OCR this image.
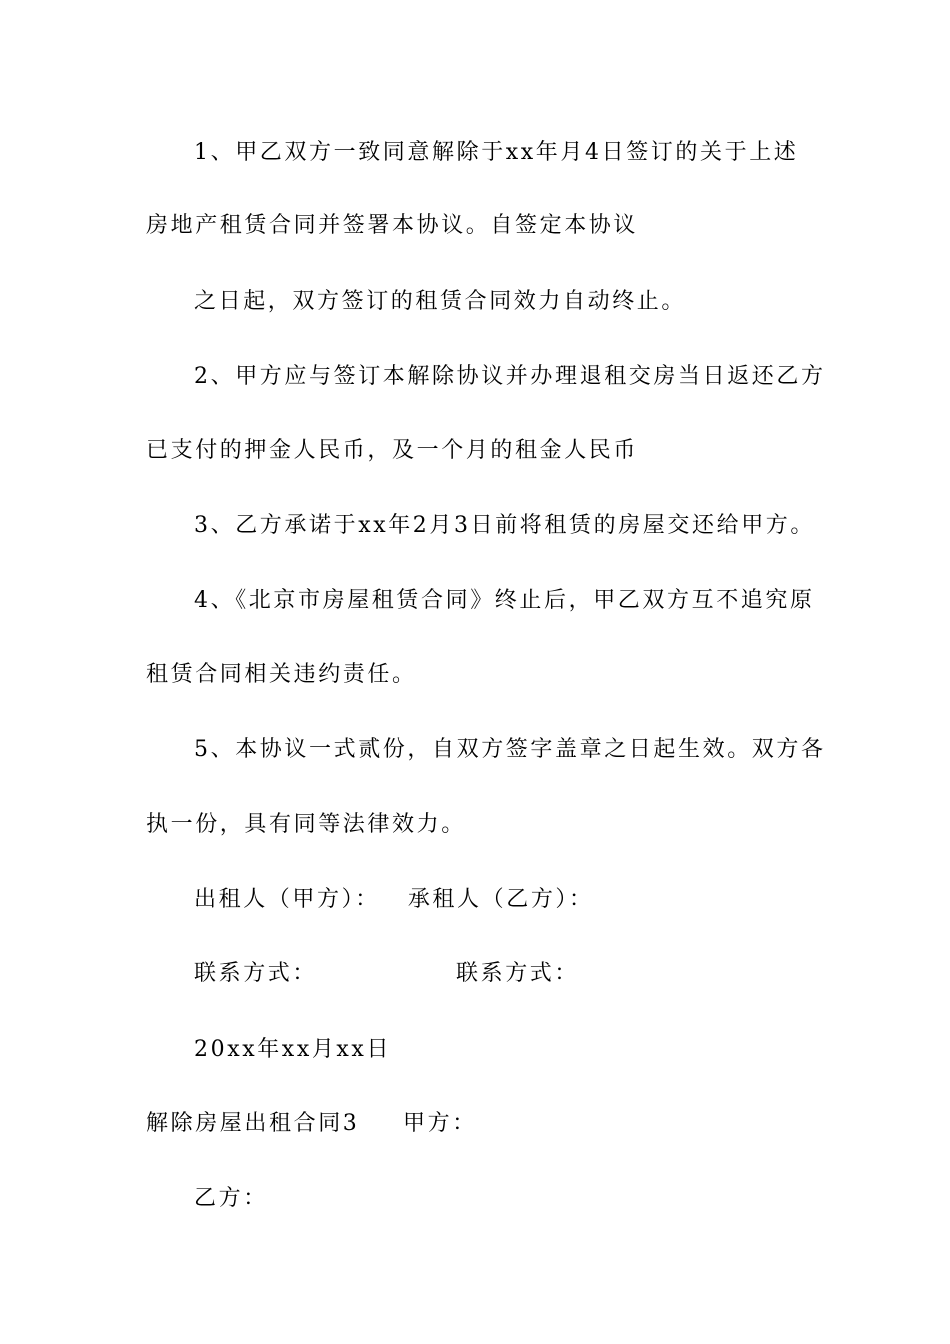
1、甲乙双方一致同意解除于xx年月4日签订的关于上述
房地产租赁合同并签署本协议。自签定本协议
之日起，双方签订的租赁合同效力自动终止。
2、甲方应与签订本解除协议并办理退租交房当日返还乙方
已支付的押金人民币，及一个月的租金人民币
3、乙方承诺于xx年2月3日前将租赁的房屋交还给甲方。
4、《北京市房屋租赁合同》终止后，甲乙双方互不追究原
租赁合同相关违约责任。
5、本协议一式贰份，自双方签字盖章之日起生效。双方各
执一份，具有同等法律效力。
出租人（甲方）： 承租人（乙方）：
联系方式：	联系方式：
20xx年xx月xx日
解除房屋出租合同3 甲方：
乙方：
